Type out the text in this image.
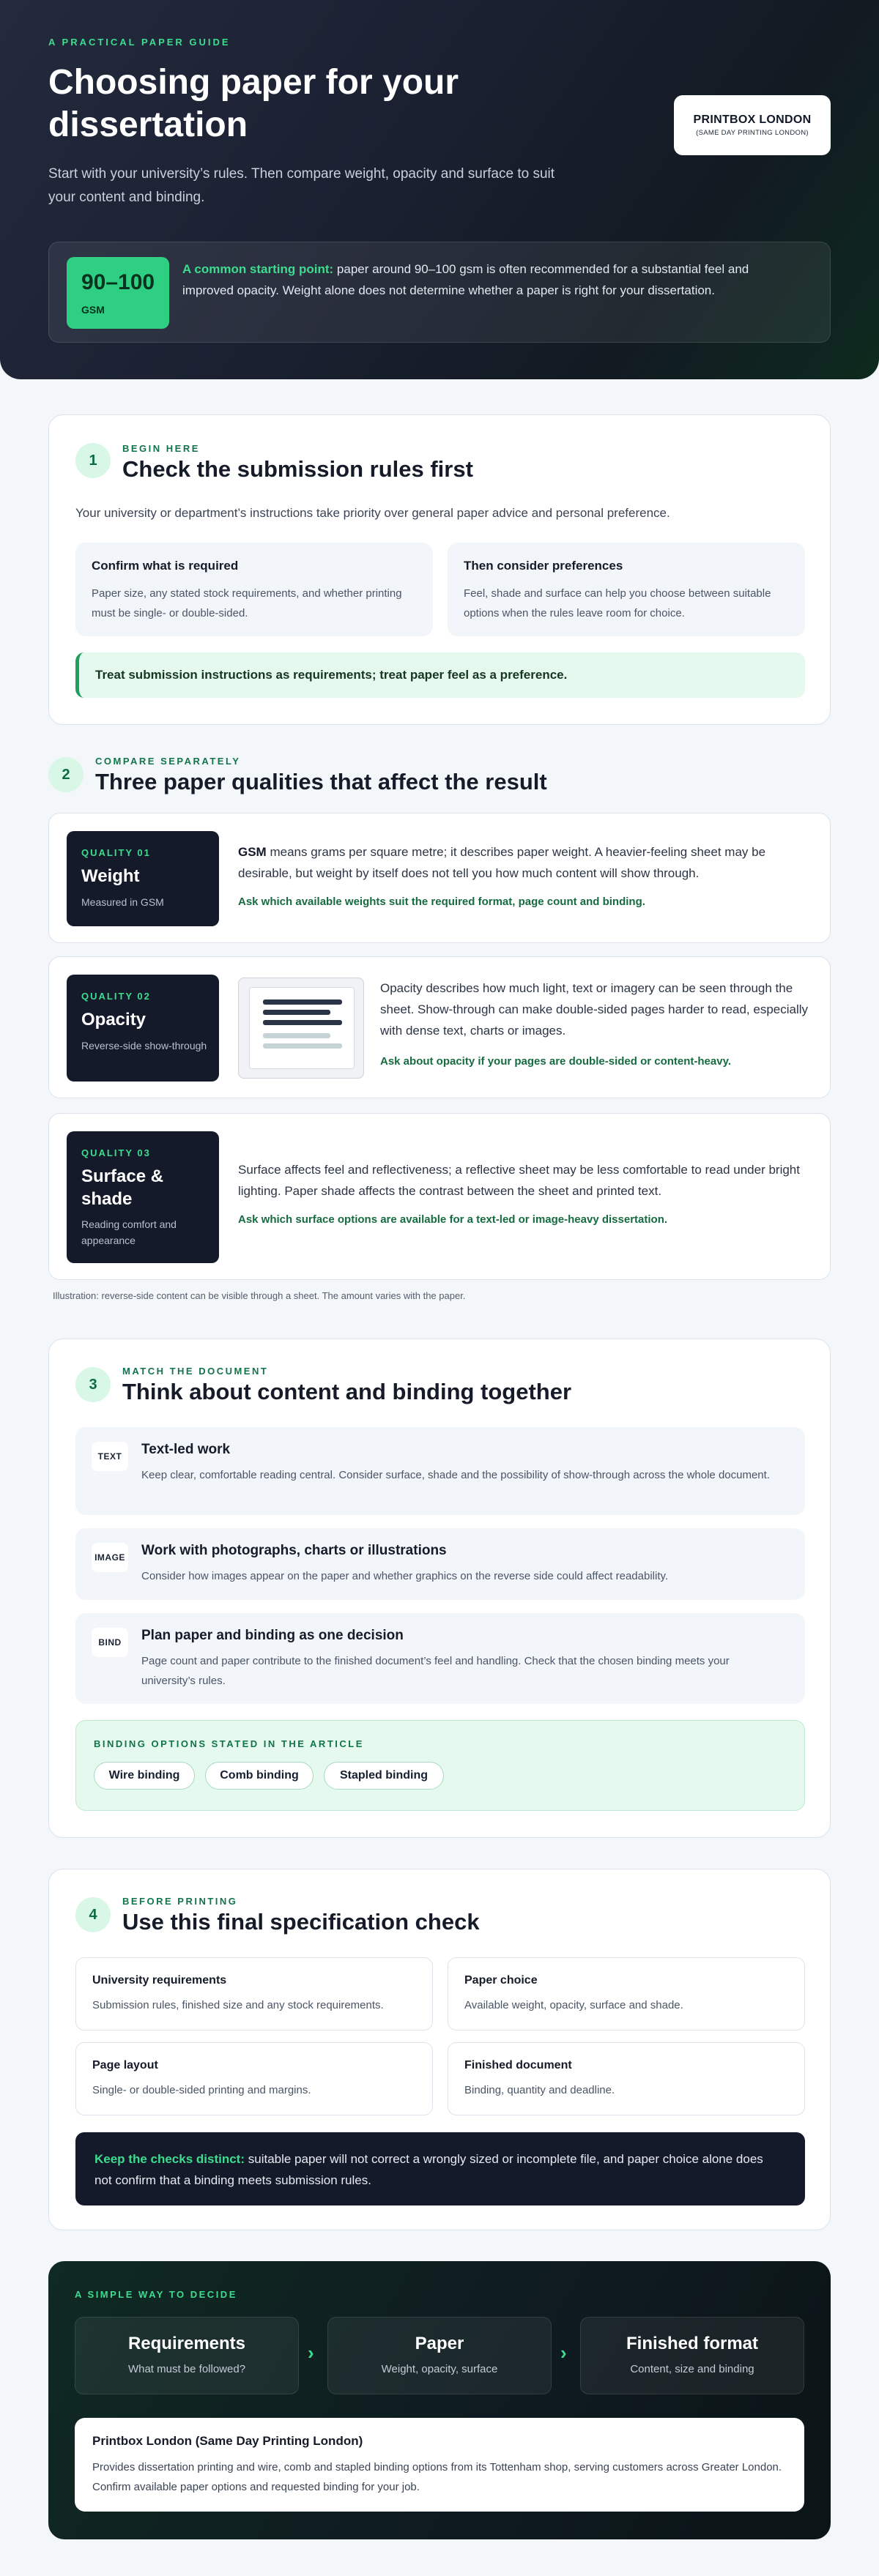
A PRACTICAL PAPER GUIDE
Choosing paper for your dissertation

Start with your university’s rules. Then compare weight, opacity and surface to suit your content and binding.

PRINTBOX LONDON
(SAME DAY PRINTING LONDON)
90–100
GSM

A common starting point: paper around 90–100 gsm is often recommended for a substantial feel and improved opacity. Weight alone does not determine whether a paper is right for your dissertation.

1
BEGIN HERE
Check the submission rules first

Your university or department’s instructions take priority over general paper advice and personal preference.

Confirm what is required
Paper size, any stated stock requirements, and whether printing must be single- or double-sided.
Then consider preferences
Feel, shade and surface can help you choose between suitable options when the rules leave room for choice.
Treat submission instructions as requirements; treat paper feel as a preference.
2
COMPARE SEPARATELY
Three paper qualities that affect the result
QUALITY 01
Weight
Measured in GSM

GSM means grams per square metre; it describes paper weight. A heavier-feeling sheet may be desirable, but weight by itself does not tell you how much content will show through.

Ask which available weights suit the required format, page count and binding.
QUALITY 02
Opacity
Reverse-side show-through

Opacity describes how much light, text or imagery can be seen through the sheet. Show-through can make double-sided pages harder to read, especially with dense text, charts or images.

Ask about opacity if your pages are double-sided or content-heavy.
QUALITY 03
Surface & shade
Reading comfort and appearance

Surface affects feel and reflectiveness; a reflective sheet may be less comfortable to read under bright lighting. Paper shade affects the contrast between the sheet and printed text.

Ask which surface options are available for a text-led or image-heavy dissertation.
Illustration: reverse-side content can be visible through a sheet. The amount varies with the paper.
3
MATCH THE DOCUMENT
Think about content and binding together
TEXT	Text-led work
Keep clear, comfortable reading central. Consider surface, shade and the possibility of show-through across the whole document.
IMAGE Work with photographs, charts or illustrations
Consider how images appear on the paper and whether graphics on the reverse side could affect readability.
BIND	Plan paper and binding as one decision
Page count and paper contribute to the finished document’s feel and handling. Check that the chosen binding meets your university’s rules.
BINDING OPTIONS STATED IN THE ARTICLE
Wire binding	Comb binding	Stapled binding
4
BEFORE PRINTING
Use this final specification check
University requirements
Submission rules, finished size and any stock requirements.
Paper choice
Available weight, opacity, surface and shade.
Page layout
Single- or double-sided printing and margins.
Finished document
Binding, quantity and deadline.

Keep the checks distinct: suitable paper will not correct a wrongly sized or incomplete file, and paper choice alone does not confirm that a binding meets submission rules.

A SIMPLE WAY TO DECIDE
Requirements
What must be followed?
›	Paper
Weight, opacity, surface
›	Finished format
Content, size and binding
Printbox London (Same Day Printing London)
Provides dissertation printing and wire, comb and stapled binding options from its Tottenham shop, serving customers across Greater London. Confirm available paper options and requested binding for your job.
